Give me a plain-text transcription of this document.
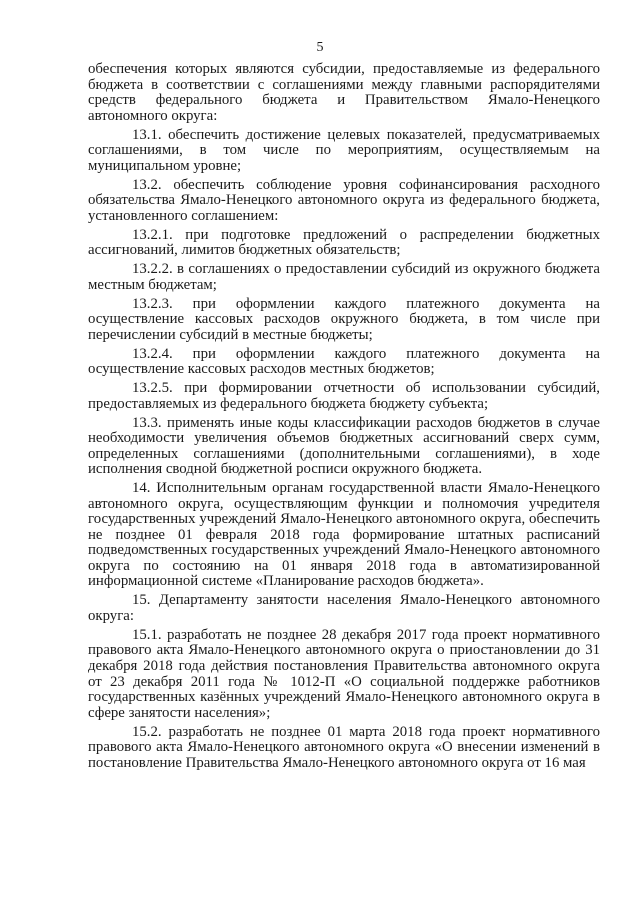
5

обеспечения которых являются субсидии, предоставляемые из федерального бюджета в соответствии с соглашениями между главными распорядителями средств федерального бюджета и Правительством Ямало-Ненецкого автономного округа:

13.1. обеспечить достижение целевых показателей, предусматриваемых соглашениями, в том числе по мероприятиям, осуществляемым на муниципальном уровне;

13.2. обеспечить соблюдение уровня софинансирования расходного обязательства Ямало-Ненецкого автономного округа из федерального бюджета, установленного соглашением:

13.2.1. при подготовке предложений о распределении бюджетных ассигнований, лимитов бюджетных обязательств;

13.2.2. в соглашениях о предоставлении субсидий из окружного бюджета местным бюджетам;

13.2.3. при оформлении каждого платежного документа на осуществление кассовых расходов окружного бюджета, в том числе при перечислении субсидий в местные бюджеты;

13.2.4. при оформлении каждого платежного документа на осуществление кассовых расходов местных бюджетов;

13.2.5. при формировании отчетности об использовании субсидий, предоставляемых из федерального бюджета бюджету субъекта;

13.3. применять иные коды классификации расходов бюджетов в случае необходимости увеличения объемов бюджетных ассигнований сверх сумм, определенных соглашениями (дополнительными соглашениями), в ходе исполнения сводной бюджетной росписи окружного бюджета.

14. Исполнительным органам государственной власти Ямало-Ненецкого автономного округа, осуществляющим функции и полномочия учредителя государственных учреждений Ямало-Ненецкого автономного округа, обеспечить не позднее 01 февраля 2018 года формирование штатных расписаний подведомственных государственных учреждений Ямало-Ненецкого автономного округа по состоянию на 01 января 2018 года в автоматизированной информационной системе «Планирование расходов бюджета».

15. Департаменту занятости населения Ямало-Ненецкого автономного округа:

15.1. разработать не позднее 28 декабря 2017 года проект нормативного правового акта Ямало-Ненецкого автономного округа о приостановлении до 31 декабря 2018 года действия постановления Правительства автономного округа от 23 декабря 2011 года № 1012-П «О социальной поддержке работников государственных казённых учреждений Ямало-Ненецкого автономного округа в сфере занятости населения»;

15.2. разработать не позднее 01 марта 2018 года проект нормативного правового акта Ямало-Ненецкого автономного округа «О внесении изменений в постановление Правительства Ямало-Ненецкого автономного округа от 16 мая
